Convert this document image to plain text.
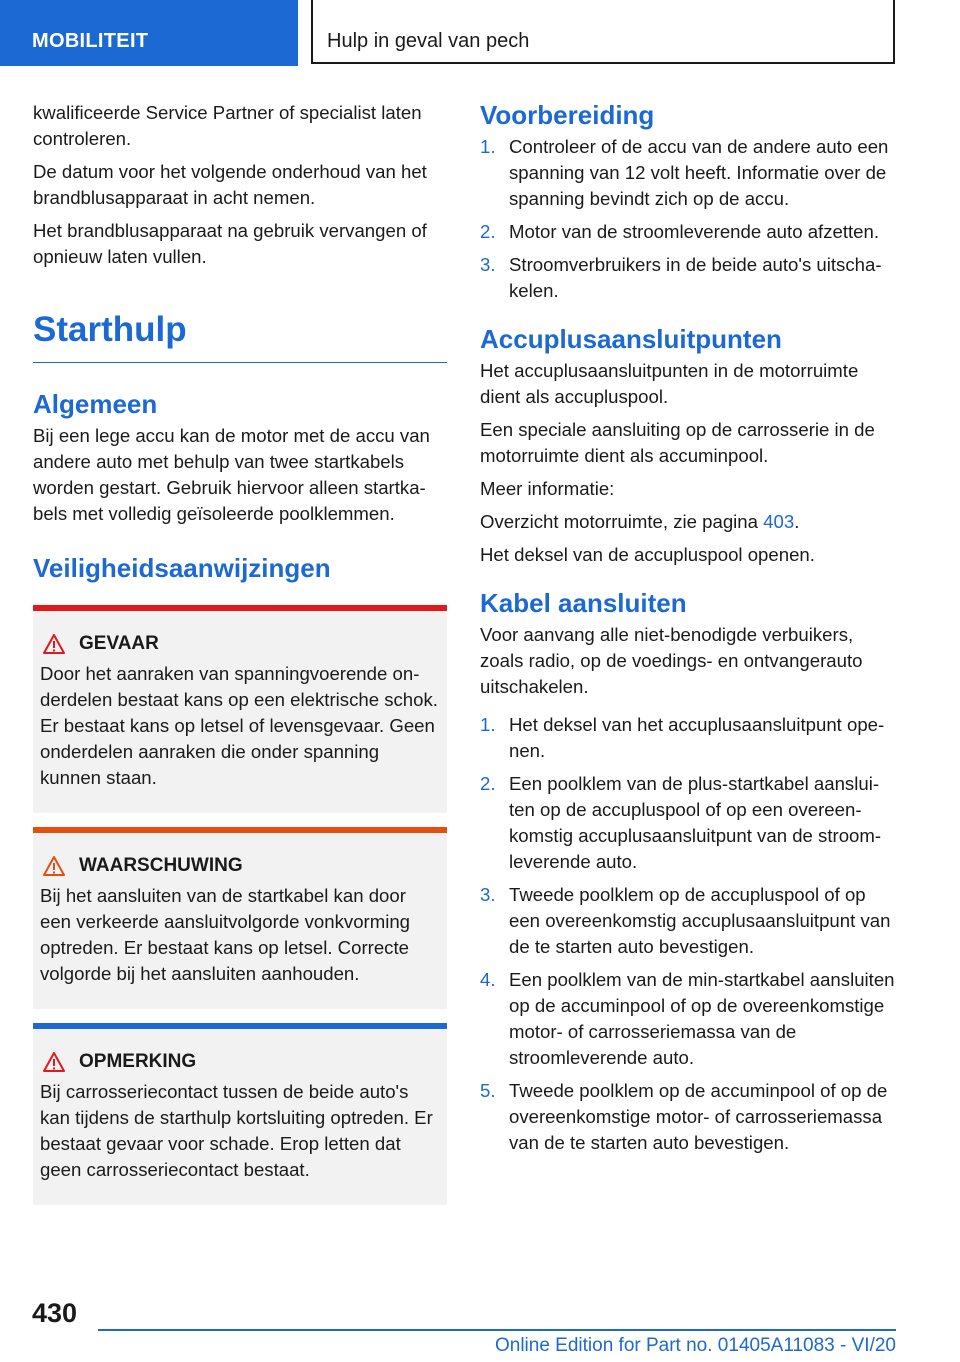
MOBILITEIT	Hulp in geval van pech

kwalificeerde Service Partner of specialist laten controleren.

De datum voor het volgende onderhoud van het brandblusapparaat in acht nemen.

Het brandblusapparaat na gebruik vervangen of opnieuw laten vullen.

Starthulp
Algemeen

Bij een lege accu kan de motor met de accu van andere auto met behulp van twee startkabels worden gestart. Gebruik hiervoor alleen startkabels met volledig geïsoleerde poolklemmen.

Veiligheidsaanwijzingen
GEVAAR

Door het aanraken van spanningvoerende onderdelen bestaat kans op een elektrische schok. Er bestaat kans op letsel of levensgevaar. Geen onderdelen aanraken die onder spanning kunnen staan.

WAARSCHUWING

Bij het aansluiten van de startkabel kan door een verkeerde aansluitvolgorde vonkvorming optreden. Er bestaat kans op letsel. Correcte volgorde bij het aansluiten aanhouden.

OPMERKING

Bij carrosseriecontact tussen de beide auto's kan tijdens de starthulp kortsluiting optreden. Er bestaat gevaar voor schade. Erop letten dat geen carrosseriecontact bestaat.

Voorbereiding
1. Controleer of de accu van de andere auto een spanning van 12 volt heeft. Informatie over de spanning bevindt zich op de accu.
2. Motor van de stroomleverende auto afzetten.
3. Stroomverbruikers in de beide auto's uitschakelen.
Accuplusaansluitpunten

Het accuplusaansluitpunten in de motorruimte dient als accupluspool.

Een speciale aansluiting op de carrosserie in de motorruimte dient als accuminpool.

Meer informatie:

Overzicht motorruimte, zie pagina 403.

Het deksel van de accupluspool openen.

Kabel aansluiten

Voor aanvang alle niet-benodigde verbuikers, zoals radio, op de voedings- en ontvangerauto uitschakelen.

1. Het deksel van het accuplusaansluitpunt openen.
2. Een poolklem van de plus-startkabel aansluiten op de accupluspool of op een overeenkomstig accuplusaansluitpunt van de stroomleverende auto.
3. Tweede poolklem op de accupluspool of op een overeenkomstig accuplusaansluitpunt van de te starten auto bevestigen.
4. Een poolklem van de min-startkabel aansluiten op de accuminpool of op de overeenkomstige motor- of carrosseriemassa van de stroomleverende auto.
5. Tweede poolklem op de accuminpool of op de overeenkomstige motor- of carrosseriemassa van de te starten auto bevestigen.
430
Online Edition for Part no. 01405A11083 - VI/20
